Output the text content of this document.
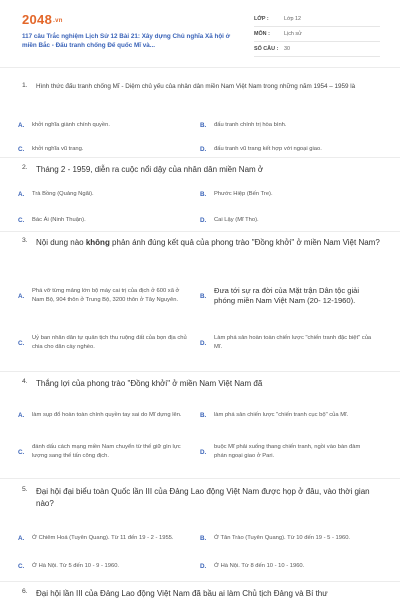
2048.vn
117 câu Trắc nghiệm Lịch Sử 12 Bài 21: Xây dựng Chủ nghĩa Xã hội ở miền Bắc - Đấu tranh chống Đế quốc Mĩ và...
LỚP :	Lớp 12
MÔN :	Lịch sử
SỐ CÂU :	30
1.	Hình thức đấu tranh chống Mĩ - Diệm chủ yếu của nhân dân miền Nam Việt Nam trong những năm 1954 – 1959 là
A.	khởi nghĩa giành chính quyền.	B.	đấu tranh chính trị hòa bình.
C.	khởi nghĩa vũ trang.	D.	đấu tranh vũ trang kết hợp với ngoại giao.
2.	Tháng 2 - 1959, diễn ra cuộc nổi dậy của nhân dân miền Nam ở
A.	Trà Bồng (Quảng Ngãi).	B.	Phước Hiệp (Bến Tre).
C.	Bác Ái (Ninh Thuận).	D.	Cai Lậy (Mĩ Tho).
3.	Nội dung nào không phản ánh đúng kết quả của phong trào "Đồng khởi" ở miền Nam Việt Nam?
A.
Phá vỡ từng mảng lớn bộ máy cai trị của địch ở 600 xã ở Nam Bộ, 904 thôn ở Trung Bộ, 3200 thôn ở Tây Nguyên.
B.
Đưa tới sự ra đời của Mặt trận Dân tộc giải phóng miền Nam Việt Nam (20- 12-1960).
C.
Uỷ ban nhân dân tự quản tịch thu ruộng đất của bọn địa chủ chia cho dân cày nghèo.
D.
Làm phá sản hoàn toàn chiến lược "chiến tranh đặc biệt" của Mĩ.
4.	Thắng lợi của phong trào "Đồng khởi" ở miền Nam Việt Nam đã
A.	làm sụp đổ hoàn toàn chính quyền tay sai do Mĩ dựng lên.	B.	làm phá sản chiến lược "chiến tranh cục bộ" của Mĩ.
C.
đánh dấu cách mạng miền Nam chuyển từ thế giữ gìn lực lượng sang thế tấn công địch.
D.
buộc Mĩ phải xuống thang chiến tranh, ngồi vào bàn đàm phán ngoại giao ở Pari.
5.	Đại hội đại biểu toàn Quốc lần III của Đảng Lao động Việt Nam được họp ở đâu, vào thời gian nào?
A.	Ở Chiêm Hoá (Tuyên Quang). Từ 11 đến 19 - 2 - 1955.	B.	Ở Tân Trào (Tuyên Quang). Từ 10 đến 19 - 5 - 1960.
C.	Ở Hà Nội. Từ 5 đến 10 - 9 - 1960.	D.	Ở Hà Nội. Từ 8 đến 10 - 10 - 1960.
6.	Đại hội lần III của Đảng Lao động Việt Nam đã bầu ai làm Chủ tịch Đảng và Bí thư
